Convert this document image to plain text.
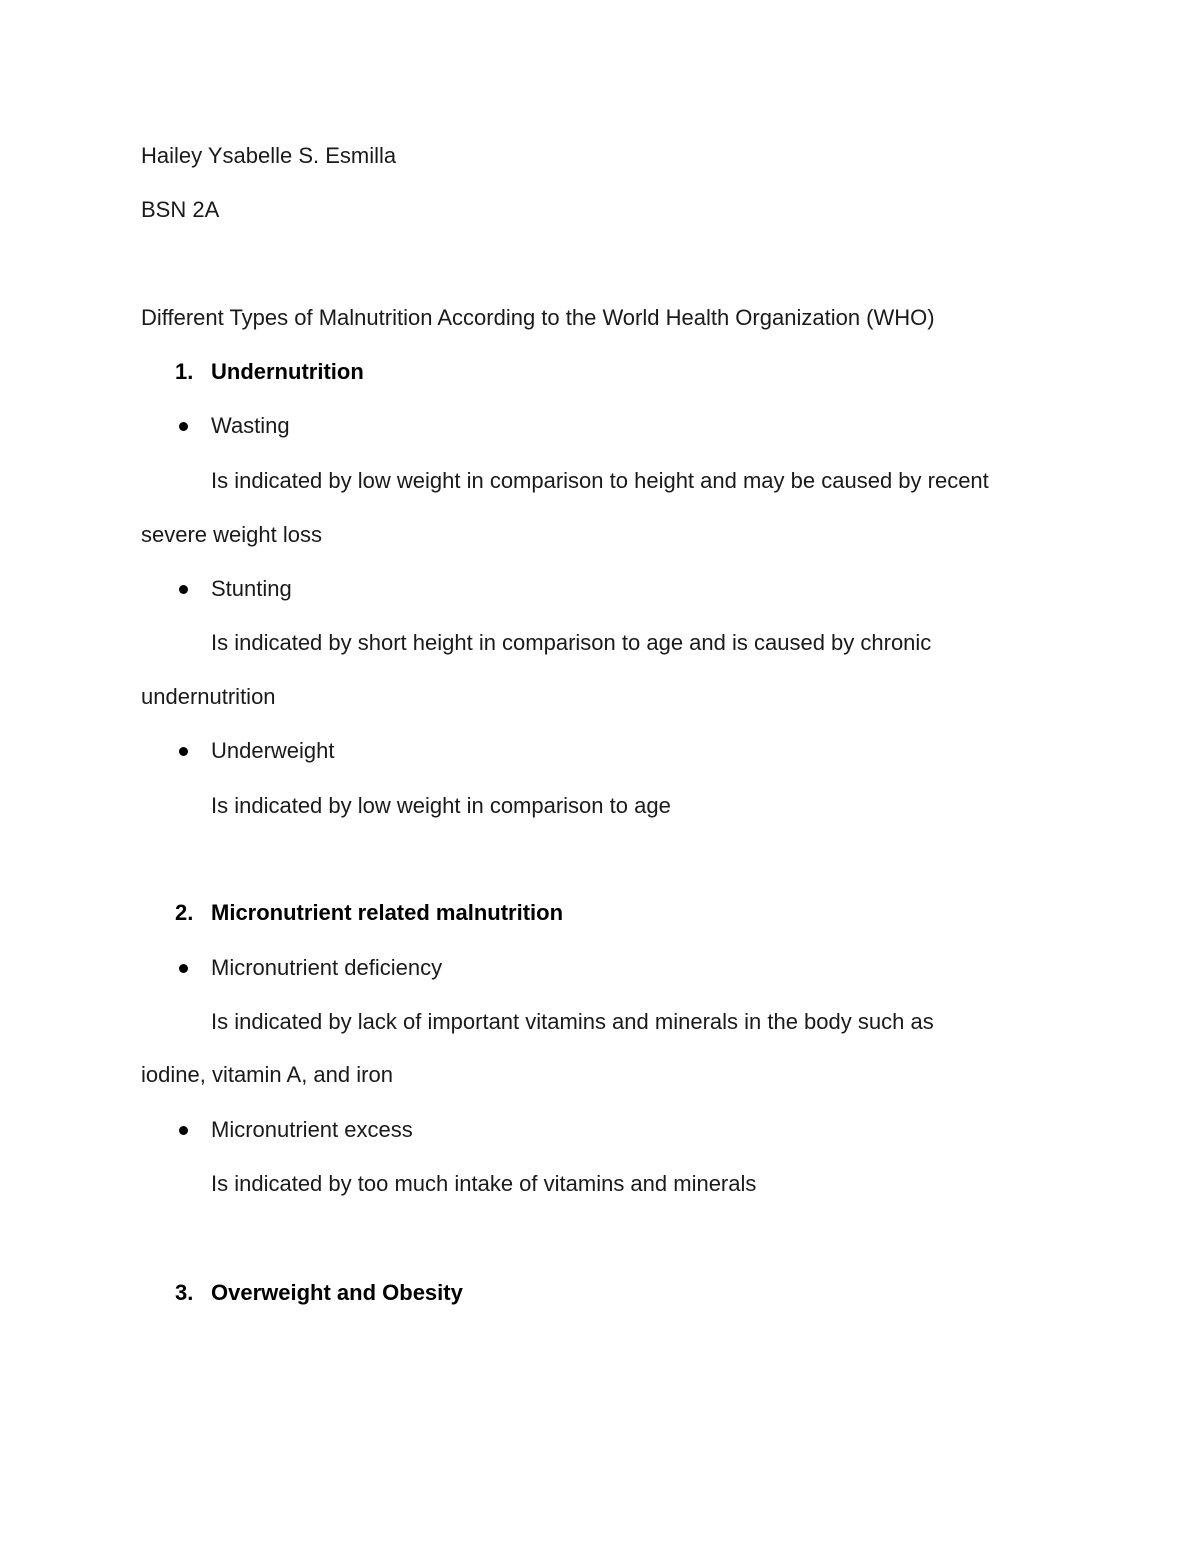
Hailey Ysabelle S. Esmilla
BSN 2A
Different Types of Malnutrition According to the World Health Organization (WHO)
1. Undernutrition
Wasting
Is indicated by low weight in comparison to height and may be caused by recent
severe weight loss
Stunting
Is indicated by short height in comparison to age and is caused by chronic
undernutrition
Underweight
Is indicated by low weight in comparison to age
2. Micronutrient related malnutrition
Micronutrient deficiency
Is indicated by lack of important vitamins and minerals in the body such as
iodine, vitamin A, and iron
Micronutrient excess
Is indicated by too much intake of vitamins and minerals
3. Overweight and Obesity
